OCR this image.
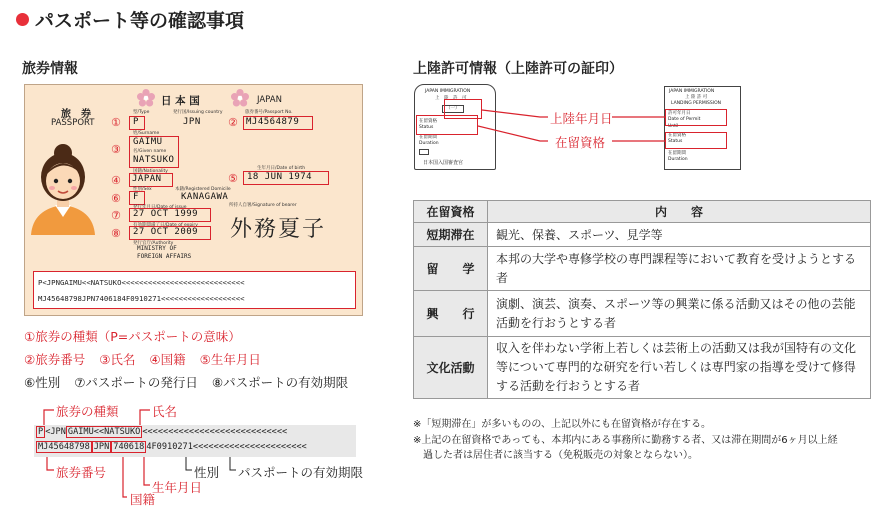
パスポート等の確認事項
旅券情報
日 本 国	JAPAN
旅　券
PASSPORT
型/Type	発行国/Issuing country	旅券番号/Passport No.
① P	JPN ② MJ4564879
姓/Surname
③
GAIMU
名/Given name
NATSUKO
国籍/Nationality
生年月日/Date of birth
④ JAPAN	⑤ 18 JUN 1974
性別/Sex	本籍/Registered Domicile
⑥ F	KANAGAWA
発行年月日/Date of issue	所持人自署/Signature of bearer
⑦ 27 OCT 1999
外務夏子
有効期間満了日/Date of expiry
⑧ 27 OCT 2009
発行官庁/Authority
MINISTRY OF
FOREIGN AFFAIRS
P<JPNGAIMU<<NATSUKO<<<<<<<<<<<<<<<<<<<<<<<<<<<<
MJ45648798JPN7406184F0910271<<<<<<<<<<<<<<<<<<<
①旅券の種類（P=パスポートの意味）
②旅券番号 ③氏名 ④国籍 ⑤生年月日
⑥性別 ⑦パスポートの発行日 ⑧パスポートの有効期限
旅券の種類	氏名
P <JPN GAIMU<<NATSUKO <<<<<<<<<<<<<<<<<<<<<<<<<<<<
MJ45648798 JPN 740618 4F0910271<<<<<<<<<<<<<<<<<<<<<<
旅券番号
国籍
生年月日
性別 パスポートの有効期限
上陸許可情報（上陸許可の証印）
JAPAN IMMIGRATION
上　陸　許　可
（一）
在留資格
Status
在留期間
Duration
日本国入国審査官
JAPAN IMMIGRATION
上 陸 許 可
LANDING PERMISSION
許可年月日
Date of Permit
Until
在留資格
Status
在留期間
Duration
上陸年月日
在留資格
在留資格	内　　容
短期滞在	観光、保養、スポーツ、見学等
留　　学	本邦の大学や専修学校の専門課程等において教育を受けようとする者
興　　行	演劇、演芸、演奏、スポーツ等の興業に係る活動又はその他の芸能活動を行おうとする者
文化活動	収入を伴わない学術上若しくは芸術上の活動又は我が国特有の文化等について専門的な研究を行い若しくは専門家の指導を受けて修得する活動を行おうとする者
※「短期滞在」が多いものの、上記以外にも在留資格が存在する。
※上記の在留資格であっても、本邦内にある事務所に勤務する者、又は滞在期間が6ヶ月以上経
　過した者は居住者に該当する（免税販売の対象とならない）。
